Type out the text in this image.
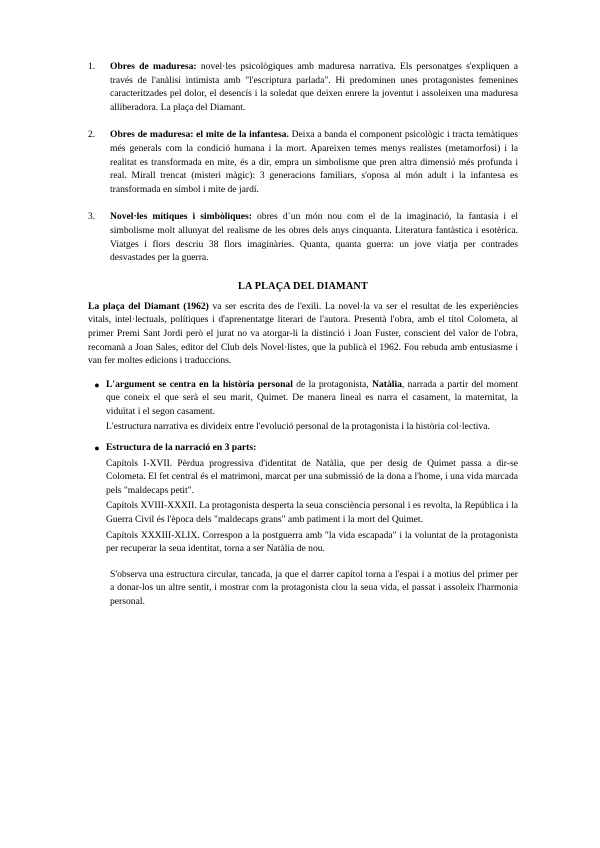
1.	Obres de maduresa: novel·les psicològiques amb maduresa narrativa. Els personatges s'expliquen a través de l'anàlisi intimista amb "l'escriptura parlada". Hi predominen unes protagonistes femenines caracteritzades pel dolor, el desencís i la soledat que deixen enrere la joventut i assoleixen una maduresa alliberadora. La plaça del Diamant.
2.	Obres de maduresa: el mite de la infantesa. Deixa a banda el component psicològic i tracta temàtiques més generals com la condició humana i la mort. Apareixen temes menys realistes (metamorfosi) i la realitat es transformada en mite, és a dir, empra un simbolisme que pren altra dimensió més profunda i real. Mirall trencat (misteri màgic): 3 generacions familiars, s'oposa al món adult i la infantesa es transformada en símbol i mite de jardí.
3.	Novel·les mítiques i simbòliques: obres d´un món nou com el de la imaginació, la fantasia i el simbolisme molt allunyat del realisme de les obres dels anys cinquanta. Literatura fantàstica i esotèrica. Viatges i flors descriu 38 flors imaginàries. Quanta, quanta guerra: un jove viatja per contrades desvastades per la guerra.
LA PLAÇA DEL DIAMANT

La plaça del Diamant (1962) va ser escrita des de l'exili. La novel·la va ser el resultat de les experiències vitals, intel·lectuals, polítiques i d'aprenentatge literari de l'autora. Presentà l'obra, amb el títol Colometa, al primer Premi Sant Jordi però el jurat no va atorgar-li la distinció i Joan Fuster, conscient del valor de l'obra, recomanà a Joan Sales, editor del Club dels Novel·listes, que la publicà el 1962. Fou rebuda amb entusiasme i van fer moltes edicions i traduccions.

● L'argument se centra en la història personal de la protagonista, Natàlia, narrada a partir del moment que coneix el que serà el seu marit, Quimet. De manera lineal es narra el casament, la maternitat, la viduïtat i el segon casament.
L'estructura narrativa es divideix entre l'evolució personal de la protagonista i la història col·lectiva.
● Estructura de la narració en 3 parts:
Capítols I-XVII. Pèrdua progressiva d'identitat de Natàlia, que per desig de Quimet passa a dir-se Colometa. El fet central és el matrimoni, marcat per una submissió de la dona a l'home, i una vida marcada pels "maldecaps petit".
Capítols XVIII-XXXII. La protagonista desperta la seua consciència personal i es revolta, la República i la Guerra Civil és l'època dels "maldecaps grans" amb patiment i la mort del Quimet.
Capítols XXXIII-XLIX. Correspon a la postguerra amb "la vida escapada" i la voluntat de la protagonista per recuperar la seua identitat, torna a ser Natàlia de nou.

S'observa una estructura circular, tancada, ja que el darrer capítol torna a l'espai i a motius del primer per a donar-los un altre sentit, i mostrar com la protagonista clou la seua vida, el passat i assoleix l'harmonia personal.
